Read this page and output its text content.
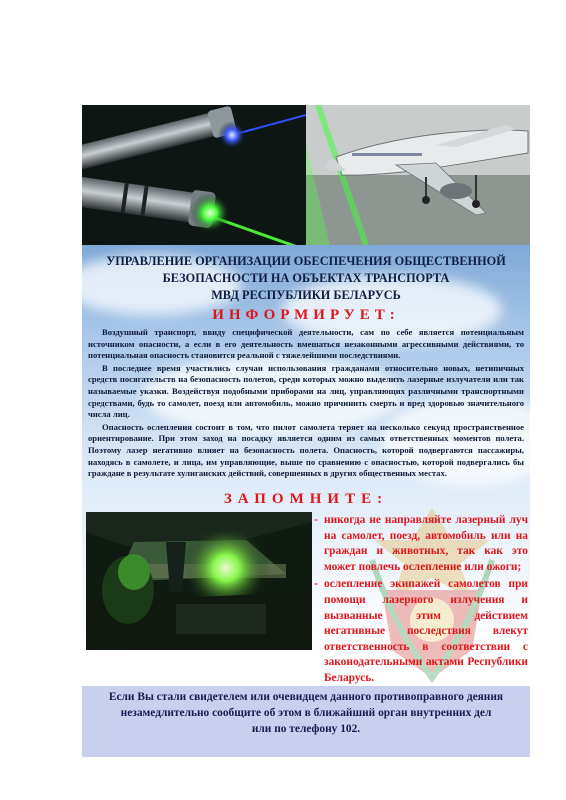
УПРАВЛЕНИЕ ОРГАНИЗАЦИИ ОБЕСПЕЧЕНИЯ ОБЩЕСТВЕННОЙ
БЕЗОПАСНОСТИ НА ОБЪЕКТАХ ТРАНСПОРТА
МВД РЕСПУБЛИКИ БЕЛАРУСЬ
ИНФОРМИРУЕТ:

Воздушный транспорт, ввиду специфической деятельности, сам по себе является потенциальным источником опасности, а если в его деятельность вмешаться незаконными агрессивными действиями, то потенциальная опасность становится реальной с тяжелейшими последствиями.

В последнее время участились случаи использования гражданами относительно новых, нетипичных средств посягательств на безопасность полетов, среди которых можно выделить лазерные излучатели или так называемые указки. Воздействуя подобными приборами на лиц, управляющих различными транспортными средствами, будь то самолет, поезд или автомобиль, можно причинить смерть и вред здоровью значительного числа лиц.

Опасность ослепления состоит в том, что пилот самолета теряет на несколько секунд пространственное ориентирование. При этом заход на посадку является одним из самых ответственных моментов полета. Поэтому лазер негативно влияет на безопасность полета. Опасность, которой подвергаются пассажиры, находясь в самолете, и лица, им управляющие, выше по сравнению с опасностью, которой подвергались бы граждане в результате хулиганских действий, совершенных в других общественных местах.

ЗАПОМНИТЕ:
- никогда не направляйте лазерный луч на самолет, поезд, автомобиль или на граждан и животных, так как это может повлечь ослепление или ожоги;
- ослепление экипажей самолетов при помощи лазерного излучения и вызванные этим действием негативные последствия влекут ответственность в соответствии с законодательными актами Республики Беларусь.
Если Вы стали свидетелем или очевидцем данного противоправного деяния
незамедлительно сообщите об этом в ближайший орган внутренних дел
или по телефону 102.
